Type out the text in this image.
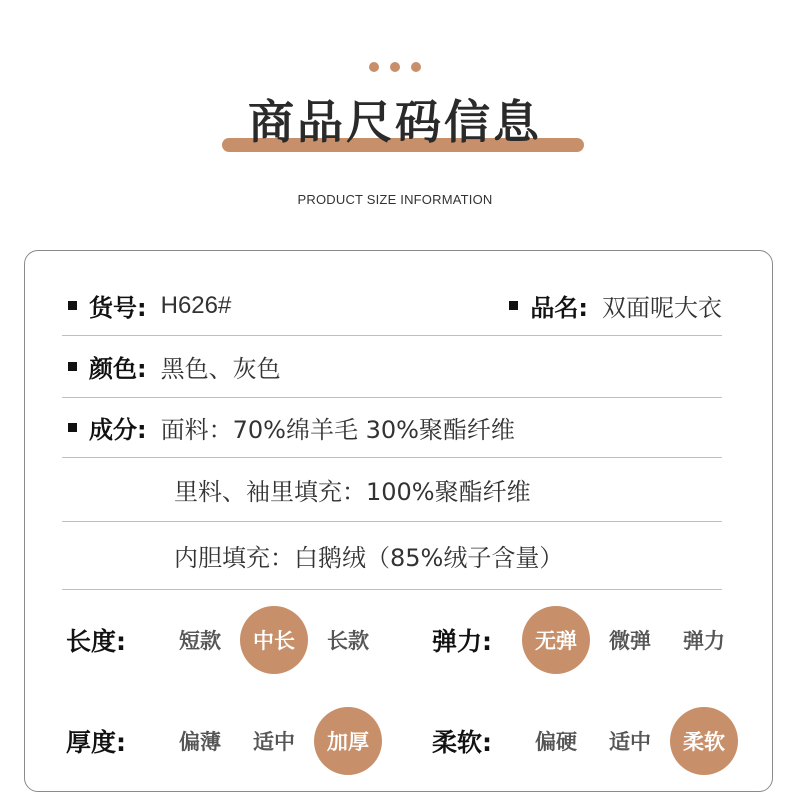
商品尺码信息
PRODUCT SIZE INFORMATION
货号: H626#	品名: 双面呢大衣
颜色: 黑色、灰色
成分: 面料：70%绵羊毛 30%聚酯纤维
里料、袖里填充：100%聚酯纤维
内胆填充：白鹅绒（85%绒子含量）
长度:	短款	中长	长款	弹力:	无弹	微弹	弹力
厚度:	偏薄	适中	加厚	柔软:	偏硬	适中	柔软
